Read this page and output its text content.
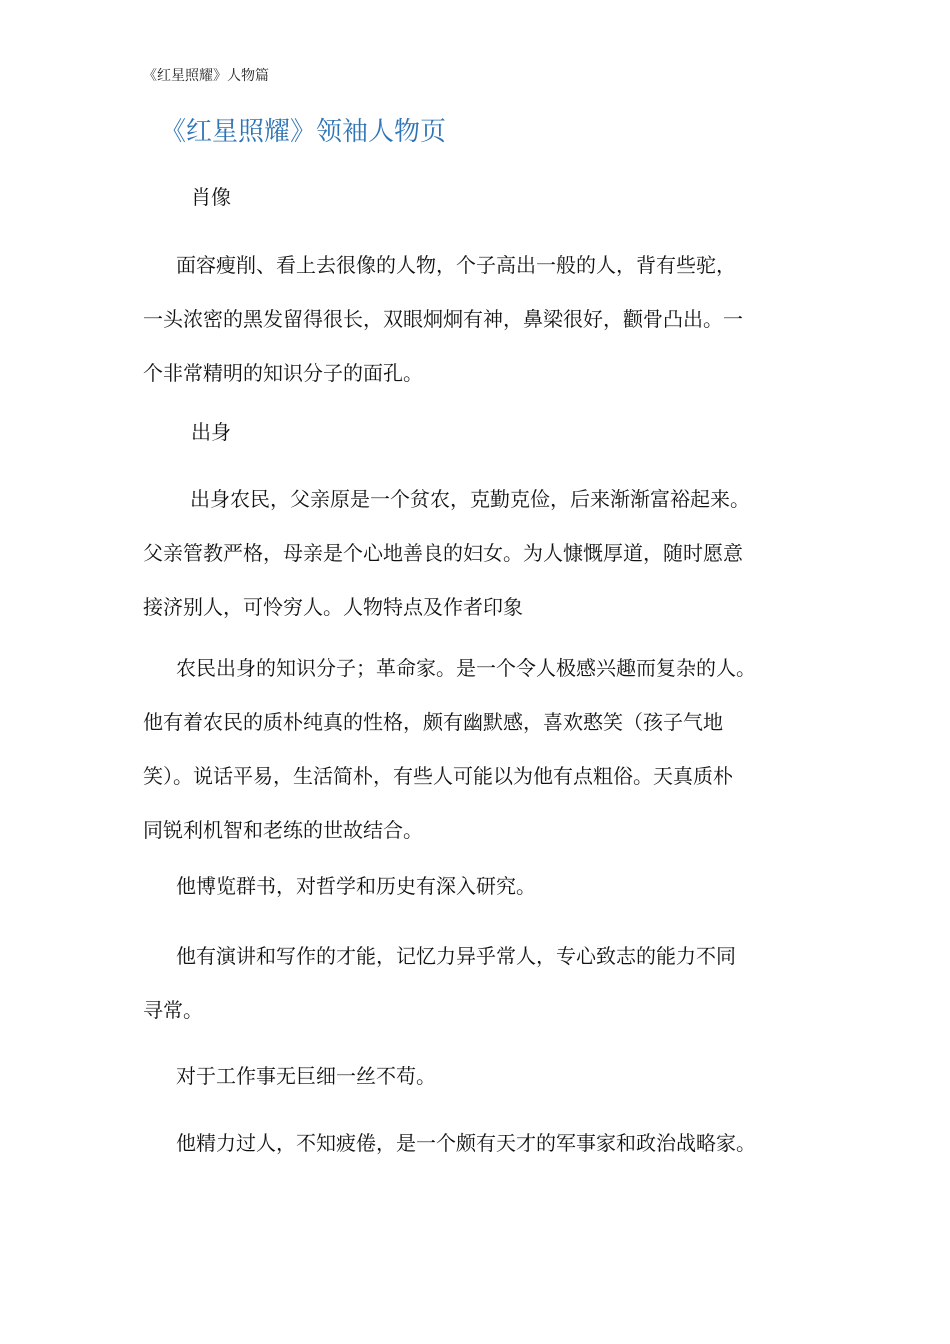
《红星照耀》人物篇
《红星照耀》领袖人物页
肖像
面容瘦削、看上去很像的人物，个子高出一般的人，背有些驼，
一头浓密的黑发留得很长，双眼炯炯有神，鼻梁很好，颧骨凸出。一
个非常精明的知识分子的面孔。
出身
出身农民，父亲原是一个贫农，克勤克俭，后来渐渐富裕起来。
父亲管教严格，母亲是个心地善良的妇女。为人慷慨厚道，随时愿意
接济别人，可怜穷人。人物特点及作者印象
农民出身的知识分子；革命家。是一个令人极感兴趣而复杂的人。
他有着农民的质朴纯真的性格，颇有幽默感，喜欢憨笑（孩子气地
笑）。说话平易，生活简朴，有些人可能以为他有点粗俗。天真质朴
同锐利机智和老练的世故结合。
他博览群书，对哲学和历史有深入研究。
他有演讲和写作的才能，记忆力异乎常人，专心致志的能力不同
寻常。
对于工作事无巨细一丝不苟。
他精力过人，不知疲倦，是一个颇有天才的军事家和政治战略家。
